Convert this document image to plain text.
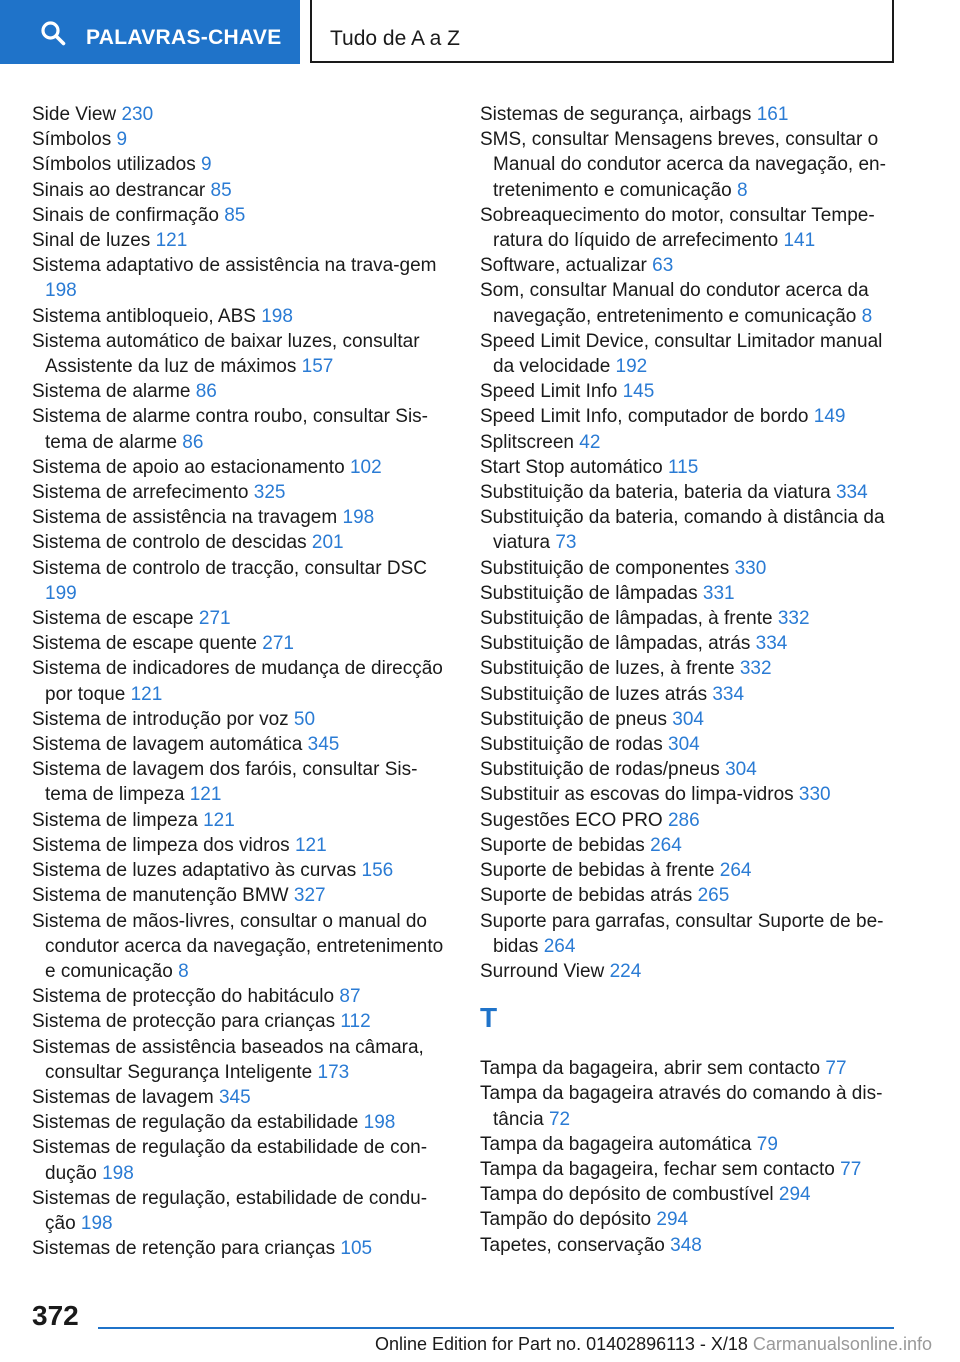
PALAVRAS-CHAVE Tudo de A a Z
Side View 230
Símbolos 9
Símbolos utilizados 9
Sinais ao destrancar 85
Sinais de confirmação 85
Sinal de luzes 121
Sistema adaptativo de assistência na trava‐gem 198
Sistema antibloqueio, ABS 198
Sistema automático de baixar luzes, consultar Assistente da luz de máximos 157
Sistema de alarme 86
Sistema de alarme contra roubo, consultar Sis‐tema de alarme 86
Sistema de apoio ao estacionamento 102
Sistema de arrefecimento 325
Sistema de assistência na travagem 198
Sistema de controlo de descidas 201
Sistema de controlo de tracção, consultar DSC 199
Sistema de escape 271
Sistema de escape quente 271
Sistema de indicadores de mudança de direcção por toque 121
Sistema de introdução por voz 50
Sistema de lavagem automática 345
Sistema de lavagem dos faróis, consultar Sis‐tema de limpeza 121
Sistema de limpeza 121
Sistema de limpeza dos vidros 121
Sistema de luzes adaptativo às curvas 156
Sistema de manutenção BMW 327
Sistema de mãos-livres, consultar o manual do condutor acerca da navegação, entretenimento e comunicação 8
Sistema de protecção do habitáculo 87
Sistema de protecção para crianças 112
Sistemas de assistência baseados na câmara, consultar Segurança Inteligente 173
Sistemas de lavagem 345
Sistemas de regulação da estabilidade 198
Sistemas de regulação da estabilidade de con‐dução 198
Sistemas de regulação, estabilidade de condu‐ção 198
Sistemas de retenção para crianças 105
Sistemas de segurança, airbags 161
SMS, consultar Mensagens breves, consultar o Manual do condutor acerca da navegação, en‐tretenimento e comunicação 8
Sobreaquecimento do motor, consultar Tempe‐ratura do líquido de arrefecimento 141
Software, actualizar 63
Som, consultar Manual do condutor acerca da navegação, entretenimento e comunicação 8
Speed Limit Device, consultar Limitador manual da velocidade 192
Speed Limit Info 145
Speed Limit Info, computador de bordo 149
Splitscreen 42
Start Stop automático 115
Substituição da bateria, bateria da viatura 334
Substituição da bateria, comando à distância da viatura 73
Substituição de componentes 330
Substituição de lâmpadas 331
Substituição de lâmpadas, à frente 332
Substituição de lâmpadas, atrás 334
Substituição de luzes, à frente 332
Substituição de luzes atrás 334
Substituição de pneus 304
Substituição de rodas 304
Substituição de rodas/pneus 304
Substituir as escovas do limpa-vidros 330
Sugestões ECO PRO 286
Suporte de bebidas 264
Suporte de bebidas à frente 264
Suporte de bebidas atrás 265
Suporte para garrafas, consultar Suporte de be‐bidas 264
Surround View 224
T
Tampa da bagageira, abrir sem contacto 77
Tampa da bagageira através do comando à dis‐tância 72
Tampa da bagageira automática 79
Tampa da bagageira, fechar sem contacto 77
Tampa do depósito de combustível 294
Tampão do depósito 294
Tapetes, conservação 348
372
Online Edition for Part no. 01402896113 - X/18 Carmanualsonline.info
